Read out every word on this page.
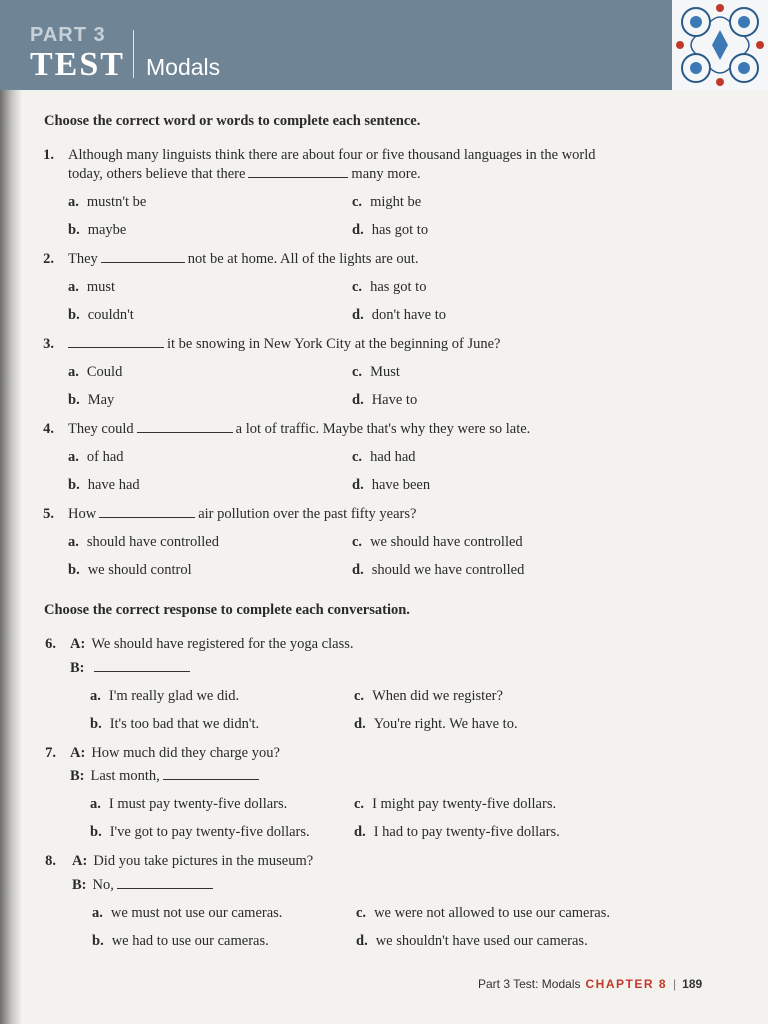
PART 3
TEST Modals
Choose the correct word or words to complete each sentence.
1. Although many linguists think there are about four or five thousand languages in the world
today, others believe that there	many more.
a. mustn't be	c. might be
b. maybe	d. has got to
2. They	not be at home. All of the lights are out.
a. must	c. has got to
b. couldn't	d. don't have to
3.	it be snowing in New York City at the beginning of June?
a. Could	c. Must
b. May	d. Have to
4. They could	a lot of traffic. Maybe that's why they were so late.
a. of had	c. had had
b. have had	d. have been
5. How	air pollution over the past fifty years?
a. should have controlled	c. we should have controlled
b. we should control	d. should we have controlled
Choose the correct response to complete each conversation.
6. A: We should have registered for the yoga class.
B:
a. I'm really glad we did.	c. When did we register?
b. It's too bad that we didn't.	d. You're right. We have to.
7. A: How much did they charge you?
B: Last month,
a. I must pay twenty-five dollars.	c. I might pay twenty-five dollars.
b. I've got to pay twenty-five dollars.	d. I had to pay twenty-five dollars.
8. A: Did you take pictures in the museum?
B: No,
a. we must not use our cameras.	c. we were not allowed to use our cameras.
b. we had to use our cameras.	d. we shouldn't have used our cameras.
Part 3 Test: Modals CHAPTER 8 | 189
